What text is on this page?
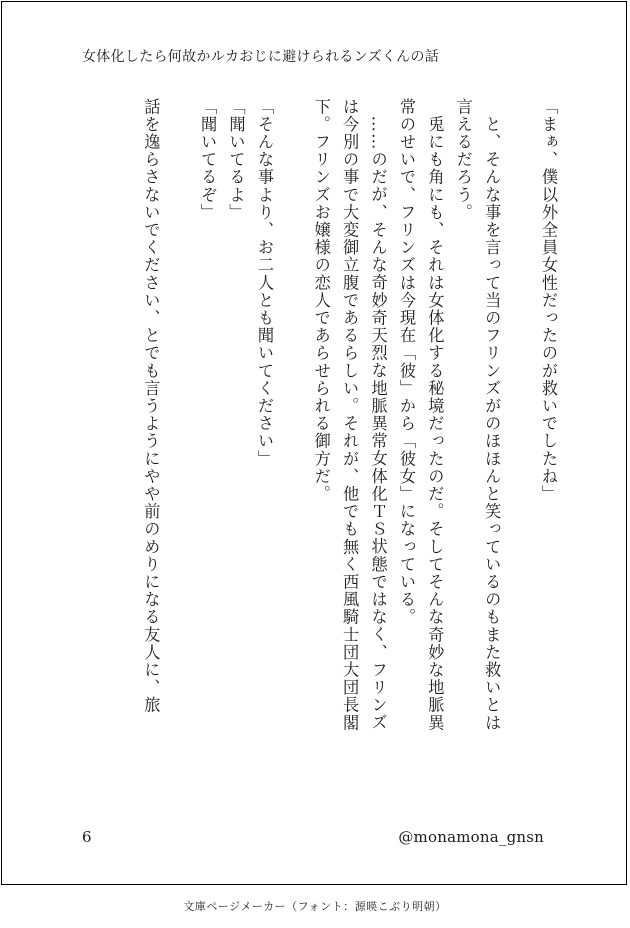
女体化したら何故かルカおじに避けられるンズくんの話
「まぁ、僕以外全員女性だったのが救いでしたね」

　と、そんな事を言って当のフリンズがのほほんと笑っているのもまた救いとは
言えるだろう。
　兎にも角にも、それは女体化する秘境だったのだ。そしてそんな奇妙な地脈異
常のせいで、フリンズは今現在「彼」から「彼女」になっている。
　……のだが、そんな奇妙奇天烈な地脈異常女体化ＴＳ状態ではなく、フリンズ
は今別の事で大変御立腹であるらしい。それが、他でも無く西風騎士団大団長閣
下。フリンズお嬢様の恋人であらせられる御方だ。

「そんな事より、お二人とも聞いてください」
「聞いてるよ」
「聞いてるぞ」

話を逸らさないでください、とでも言うようにやや前のめりになる友人に、旅
6	@monamona_gnsn
文庫ページメーカー（フォント：源暎こぶり明朝）
